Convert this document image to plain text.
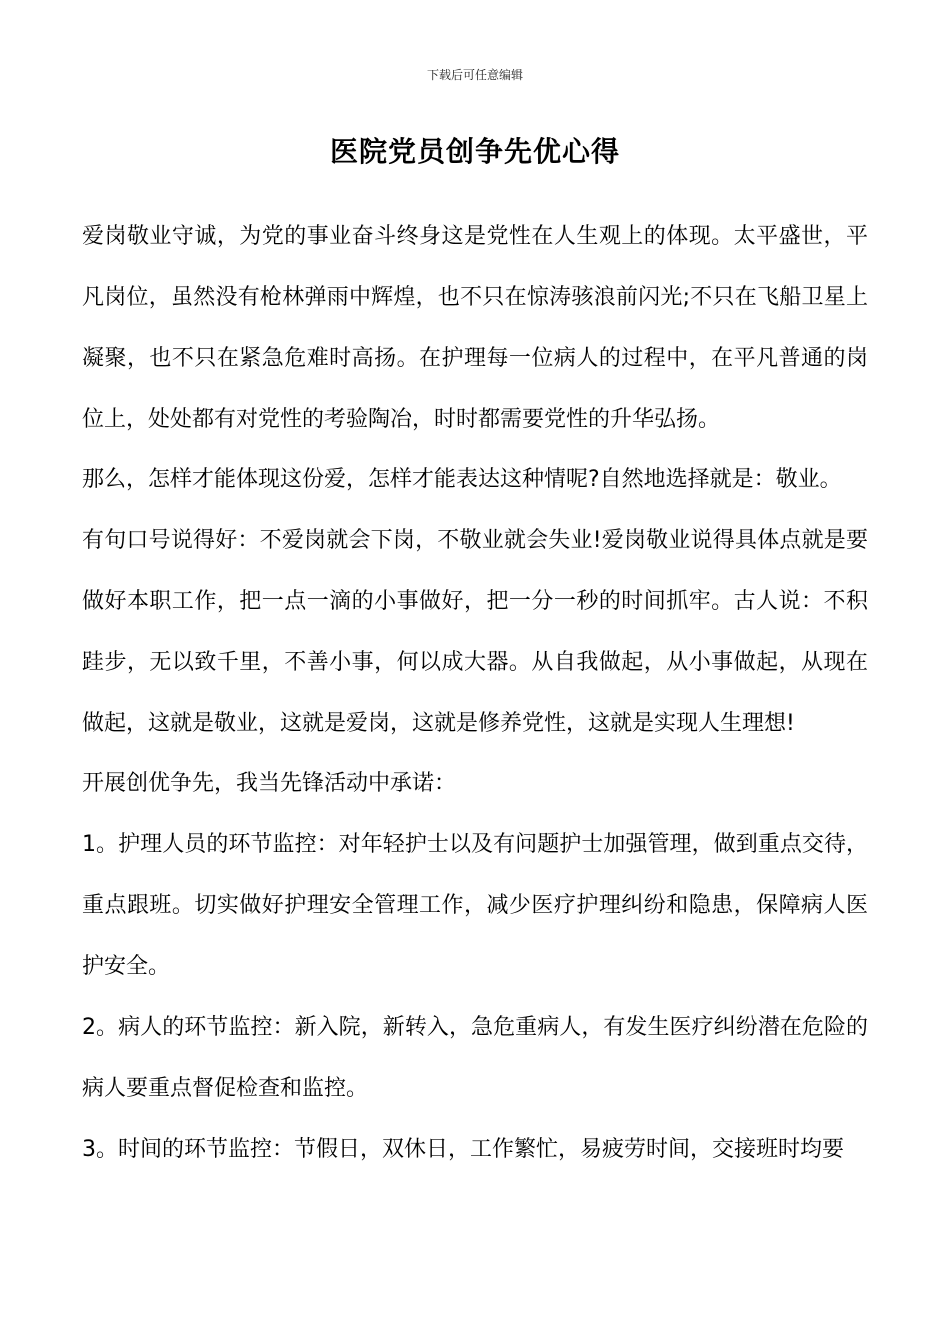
下载后可任意编辑
医院党员创争先优心得

爱岗敬业守诚，为党的事业奋斗终身这是党性在人生观上的体现。太平盛世，平凡岗位，虽然没有枪林弹雨中辉煌，也不只在惊涛骇浪前闪光;不只在飞船卫星上凝聚，也不只在紧急危难时高扬。在护理每一位病人的过程中，在平凡普通的岗位上，处处都有对党性的考验陶冶，时时都需要党性的升华弘扬。

那么，怎样才能体现这份爱，怎样才能表达这种情呢?自然地选择就是：敬业。

有句口号说得好：不爱岗就会下岗，不敬业就会失业!爱岗敬业说得具体点就是要做好本职工作，把一点一滴的小事做好，把一分一秒的时间抓牢。古人说：不积跬步，无以致千里，不善小事，何以成大器。从自我做起，从小事做起，从现在做起，这就是敬业，这就是爱岗，这就是修养党性，这就是实现人生理想!

开展创优争先，我当先锋活动中承诺：

1。护理人员的环节监控：对年轻护士以及有问题护士加强管理，做到重点交待，重点跟班。切实做好护理安全管理工作，减少医疗护理纠纷和隐患，保障病人医护安全。

2。病人的环节监控：新入院，新转入，急危重病人，有发生医疗纠纷潜在危险的病人要重点督促检查和监控。

3。时间的环节监控：节假日，双休日，工作繁忙，易疲劳时间，交接班时均要
